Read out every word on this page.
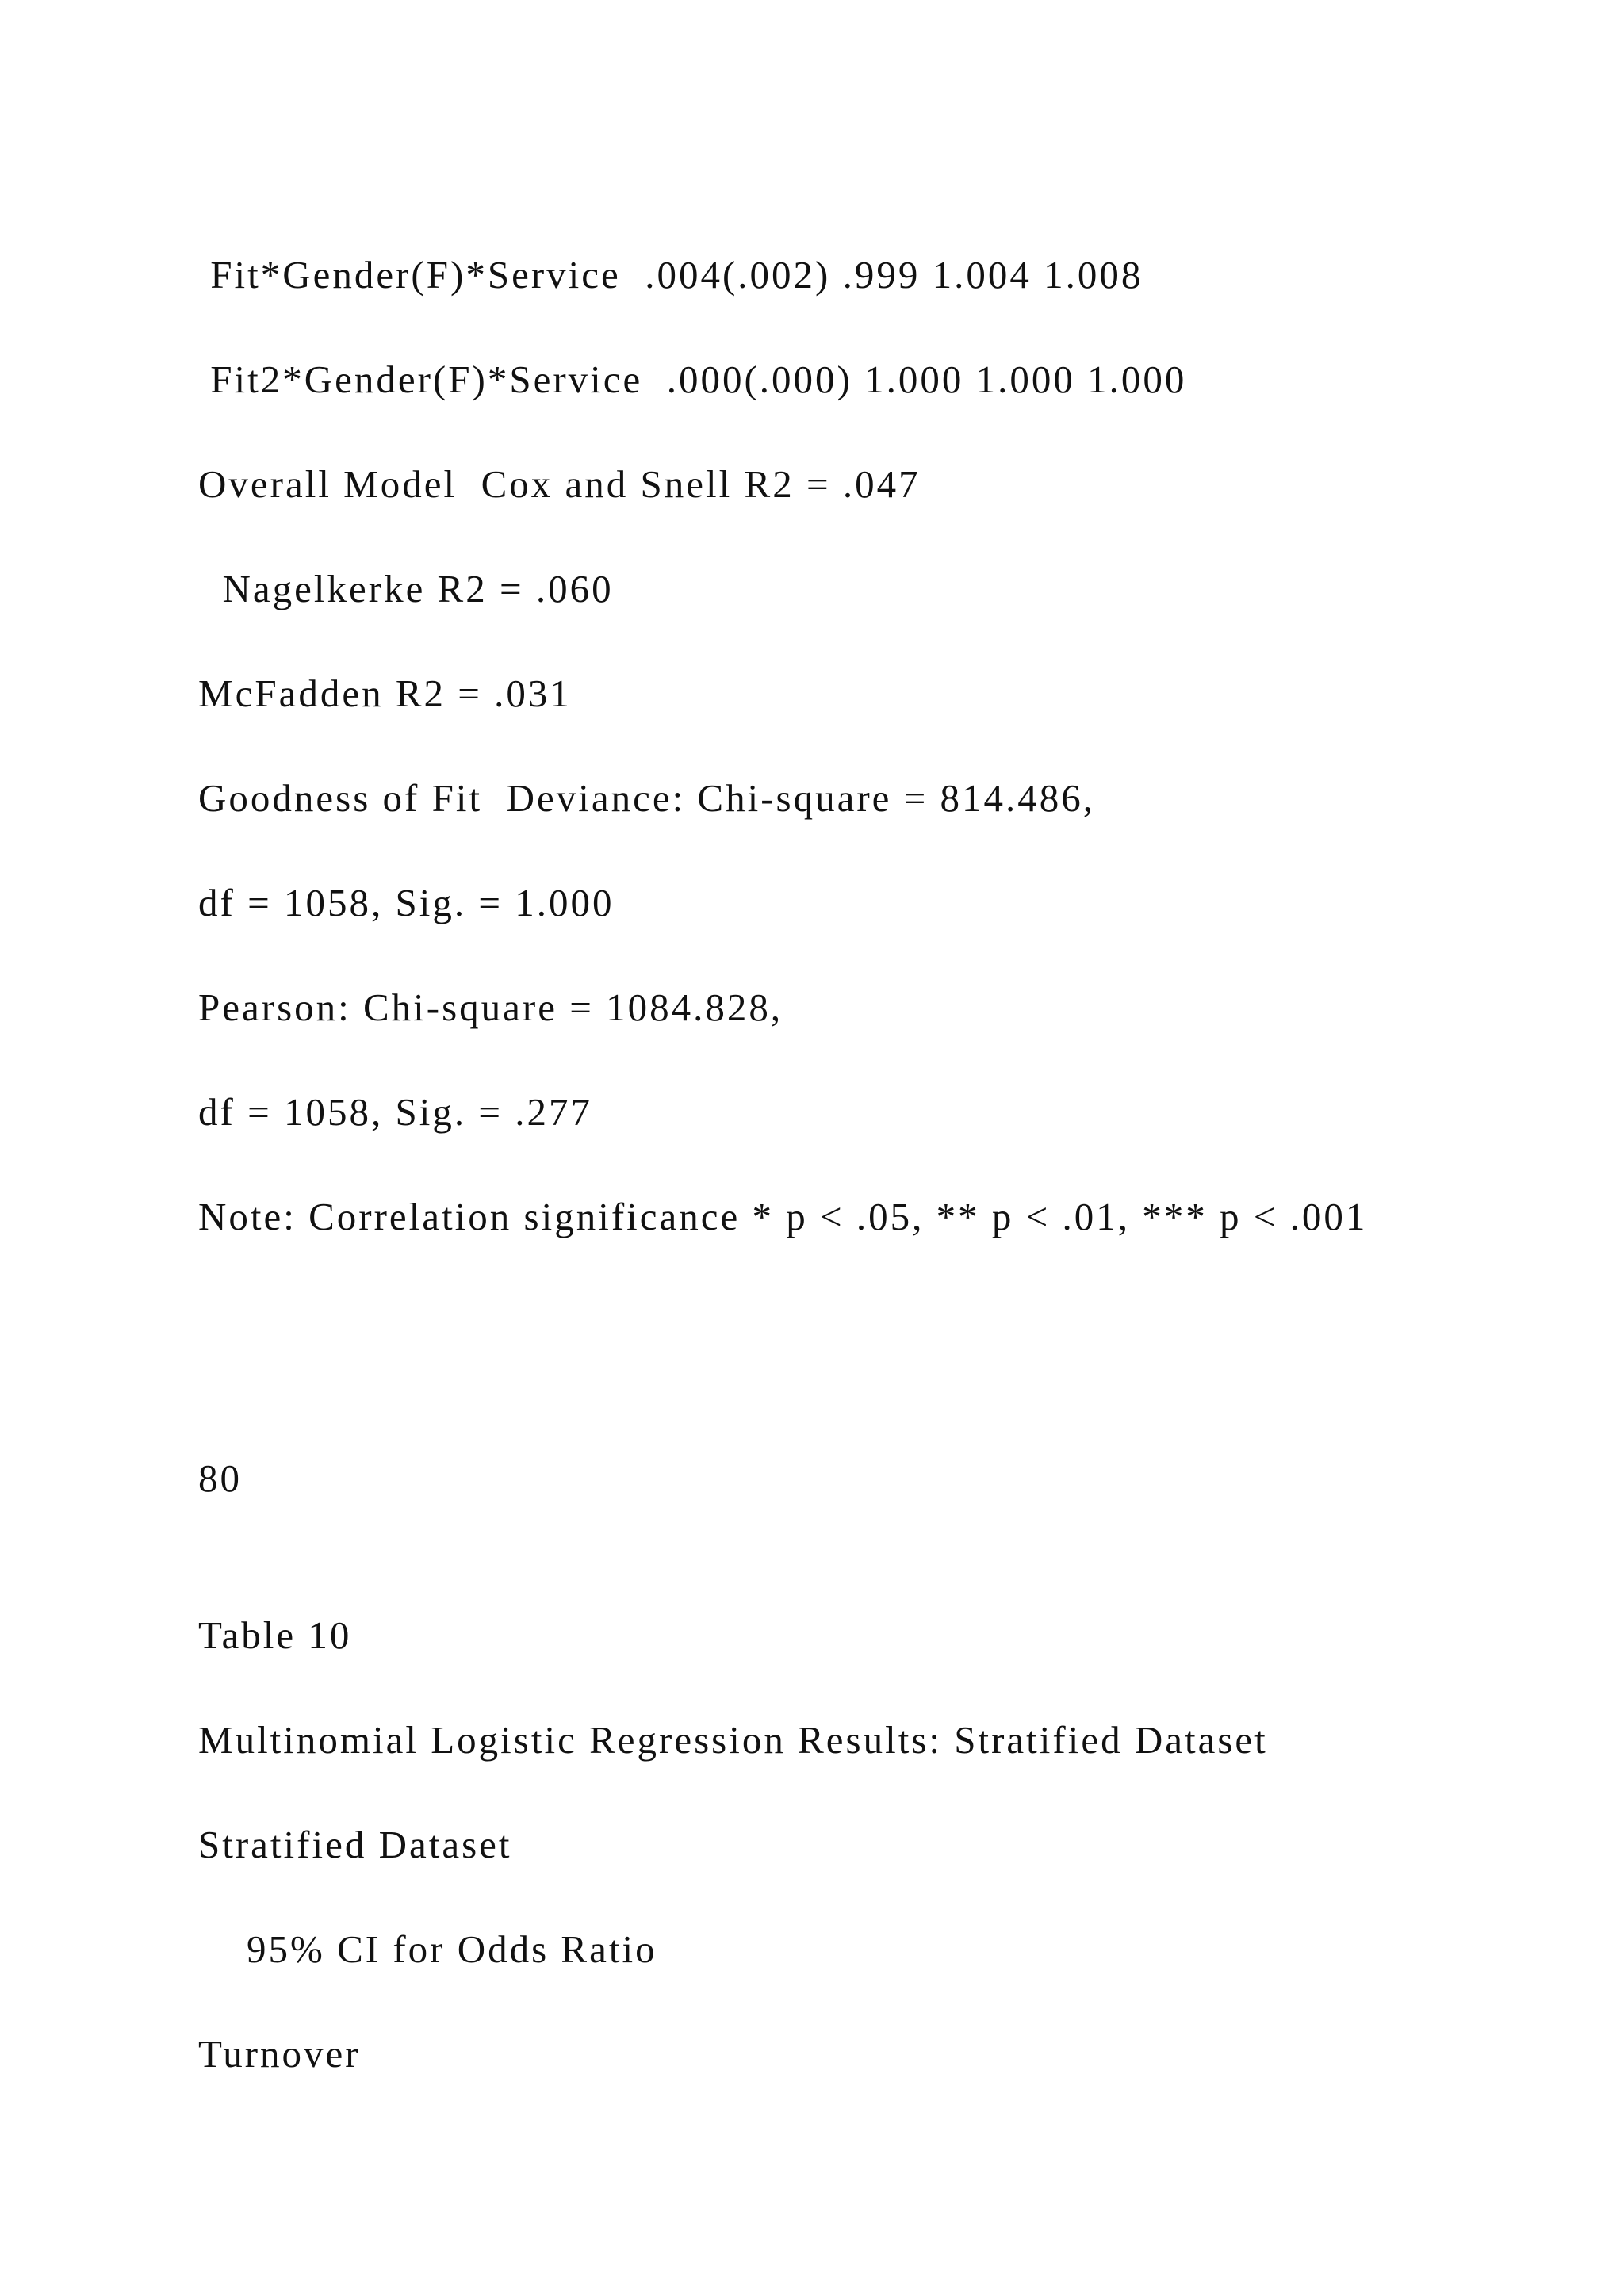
Fit*Gender(F)*Service  .004(.002) .999 1.004 1.008
Fit2*Gender(F)*Service  .000(.000) 1.000 1.000 1.000
Overall Model  Cox and Snell R2 = .047
Nagelkerke R2 = .060
McFadden R2 = .031
Goodness of Fit  Deviance: Chi-square = 814.486,
df = 1058, Sig. = 1.000
Pearson: Chi-square = 1084.828,
df = 1058, Sig. = .277
Note: Correlation significance * p < .05, ** p < .01, *** p < .001
80
Table 10
Multinomial Logistic Regression Results: Stratified Dataset
Stratified Dataset
95% CI for Odds Ratio
Turnover
